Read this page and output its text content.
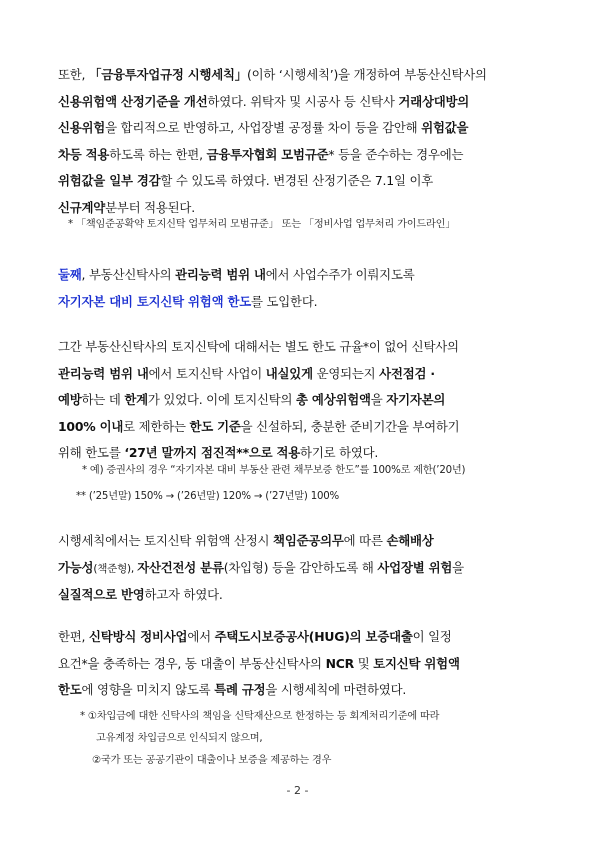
또한, 「금융투자업규정 시행세칙」(이하 ‘시행세칙’)을 개정하여 부동산신탁사의
신용위험액 산정기준을 개선하였다. 위탁자 및 시공사 등 신탁사 거래상대방의
신용위험을 합리적으로 반영하고, 사업장별 공정률 차이 등을 감안해 위험값을
차등 적용하도록 하는 한편, 금융투자협회 모범규준* 등을 준수하는 경우에는
위험값을 일부 경감할 수 있도록 하였다. 변경된 산정기준은 7.1일 이후
신규계약분부터 적용된다.
* 「책임준공확약 토지신탁 업무처리 모범규준」 또는 「정비사업 업무처리 가이드라인」
둘째, 부동산신탁사의 관리능력 범위 내에서 사업수주가 이뤄지도록
자기자본 대비 토지신탁 위험액 한도를 도입한다.
그간 부동산신탁사의 토지신탁에 대해서는 별도 한도 규율*이 없어 신탁사의
관리능력 범위 내에서 토지신탁 사업이 내실있게 운영되는지 사전점검 ·
예방하는 데 한계가 있었다. 이에 토지신탁의 총 예상위험액을 자기자본의
100% 이내로 제한하는 한도 기준을 신설하되, 충분한 준비기간을 부여하기
위해 한도를 ‘27년 말까지 점진적**으로 적용하기로 하였다.
* 예) 증권사의 경우 “자기자본 대비 부동산 관련 채무보증 한도”를 100%로 제한(’20년)
** (’25년말) 150% → (’26년말) 120% → (’27년말) 100%
시행세칙에서는 토지신탁 위험액 산정시 책임준공의무에 따른 손해배상
가능성(책준형), 자산건전성 분류(차입형) 등을 감안하도록 해 사업장별 위험을
실질적으로 반영하고자 하였다.
한편, 신탁방식 정비사업에서 주택도시보증공사(HUG)의 보증대출이 일정
요건*을 충족하는 경우, 동 대출이 부동산신탁사의 NCR 및 토지신탁 위험액
한도에 영향을 미치지 않도록 특례 규정을 시행세칙에 마련하였다.
* ①차입금에 대한 신탁사의 책임을 신탁재산으로 한정하는 등 회계처리기준에 따라
고유계정 차입금으로 인식되지 않으며,
②국가 또는 공공기관이 대출이나 보증을 제공하는 경우
- 2 -
